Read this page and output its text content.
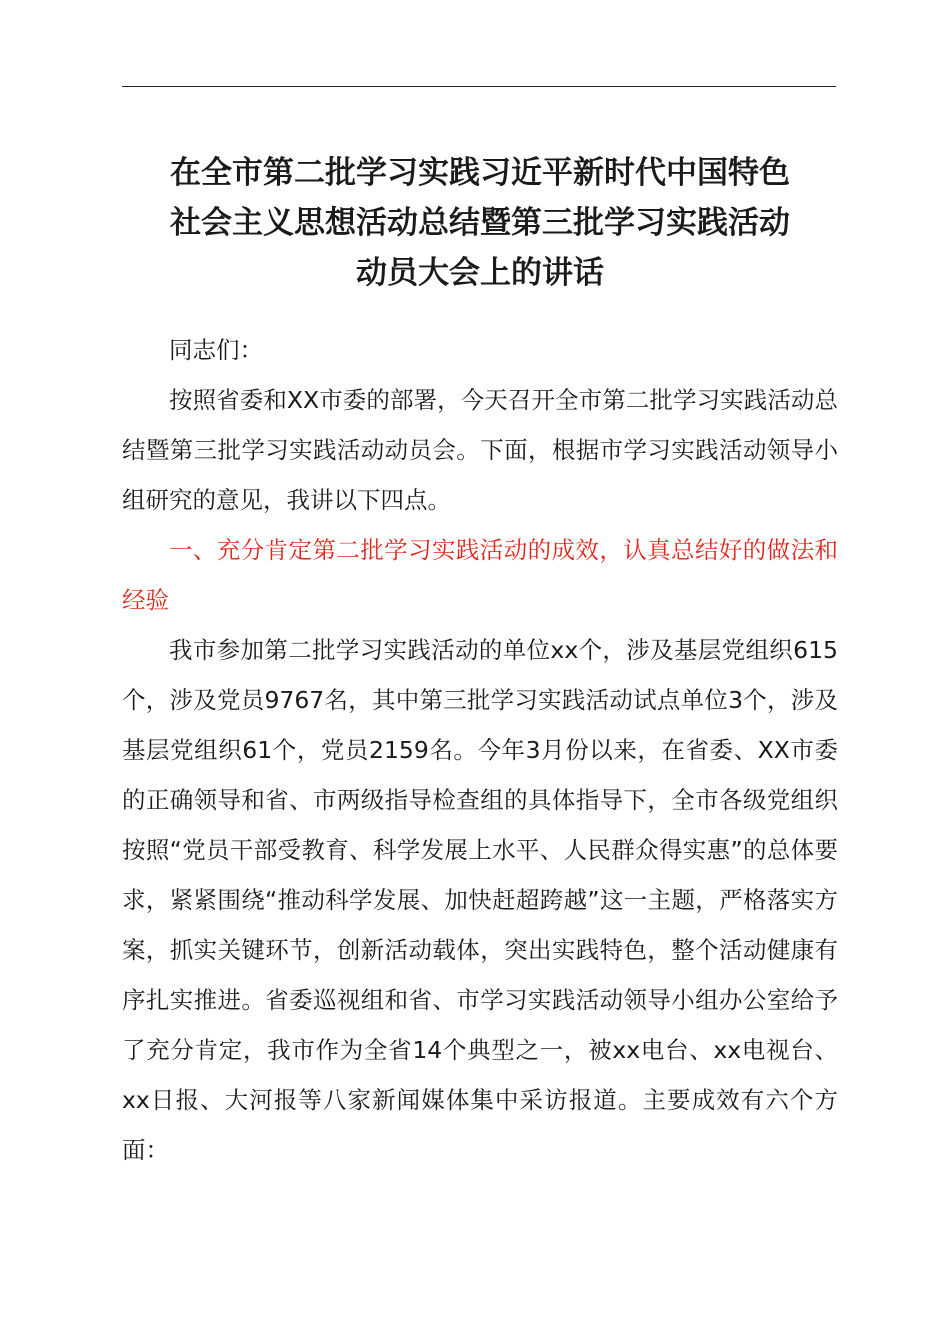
在全市第二批学习实践习近平新时代中国特色
社会主义思想活动总结暨第三批学习实践活动
动员大会上的讲话

同志们：

按照省委和XX市委的部署，今天召开全市第二批学习实践活动总结暨第三批学习实践活动动员会。下面，根据市学习实践活动领导小组研究的意见，我讲以下四点。

一、充分肯定第二批学习实践活动的成效，认真总结好的做法和经验

我市参加第二批学习实践活动的单位xx个，涉及基层党组织615个，涉及党员9767名，其中第三批学习实践活动试点单位3个，涉及基层党组织61个，党员2159名。今年3月份以来，在省委、XX市委的正确领导和省、市两级指导检查组的具体指导下，全市各级党组织按照“党员干部受教育、科学发展上水平、人民群众得实惠”的总体要求，紧紧围绕“推动科学发展、加快赶超跨越”这一主题，严格落实方案，抓实关键环节，创新活动载体，突出实践特色，整个活动健康有序扎实推进。省委巡视组和省、市学习实践活动领导小组办公室给予了充分肯定，我市作为全省14个典型之一，被xx电台、xx电视台、xx日报、大河报等八家新闻媒体集中采访报道。主要成效有六个方面：
